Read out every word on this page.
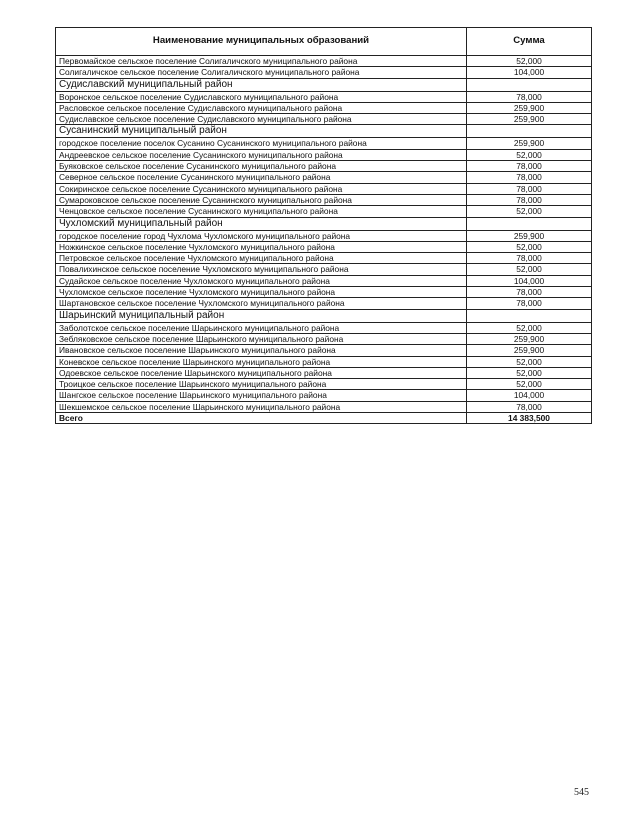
Наименование муниципальных образований	Сумма
Первомайское сельское поселение Солигаличского муниципального района	52,000
Солигаличское сельское поселение Солигаличского муниципального района	104,000
Судиславский муниципальный район	
Воронское сельское поселение Судиславского муниципального района	78,000
Расловское сельское поселение Судиславского муниципального района	259,900
Судиславское сельское поселение Судиславского муниципального района	259,900
Сусанинский муниципальный район	
городское поселение поселок Сусанино Сусанинского муниципального района	259,900
Андреевское сельское поселение Сусанинского муниципального района	52,000
Буяковское сельское поселение Сусанинского муниципального района	78,000
Северное сельское поселение Сусанинского муниципального района	78,000
Сокиринское сельское поселение Сусанинского муниципального района	78,000
Сумароковское сельское поселение Сусанинского муниципального района	78,000
Ченцовское сельское поселение Сусанинского муниципального района	52,000
Чухломский муниципальный район	
городское поселение город Чухлома Чухломского муниципального района	259,900
Ножкинское сельское поселение Чухломского муниципального района	52,000
Петровское сельское поселение Чухломского муниципального района	78,000
Повалихинское сельское поселение Чухломского муниципального района	52,000
Судайское сельское поселение Чухломского муниципального района	104,000
Чухломское сельское поселение Чухломского муниципального района	78,000
Шартановское сельское поселение Чухломского муниципального района	78,000
Шарьинский муниципальный район	
Заболотское сельское поселение Шарьинского муниципального района	52,000
Зебляковское сельское поселение Шарьинского муниципального района	259,900
Ивановское сельское поселение Шарьинского муниципального района	259,900
Коневское сельское поселение Шарьинского муниципального района	52,000
Одоевское сельское поселение Шарьинского муниципального района	52,000
Троицкое сельское поселение Шарьинского муниципального района	52,000
Шангское сельское поселение Шарьинского муниципального района	104,000
Шекшемское сельское поселение Шарьинского муниципального района	78,000
Всего	14 383,500
545
